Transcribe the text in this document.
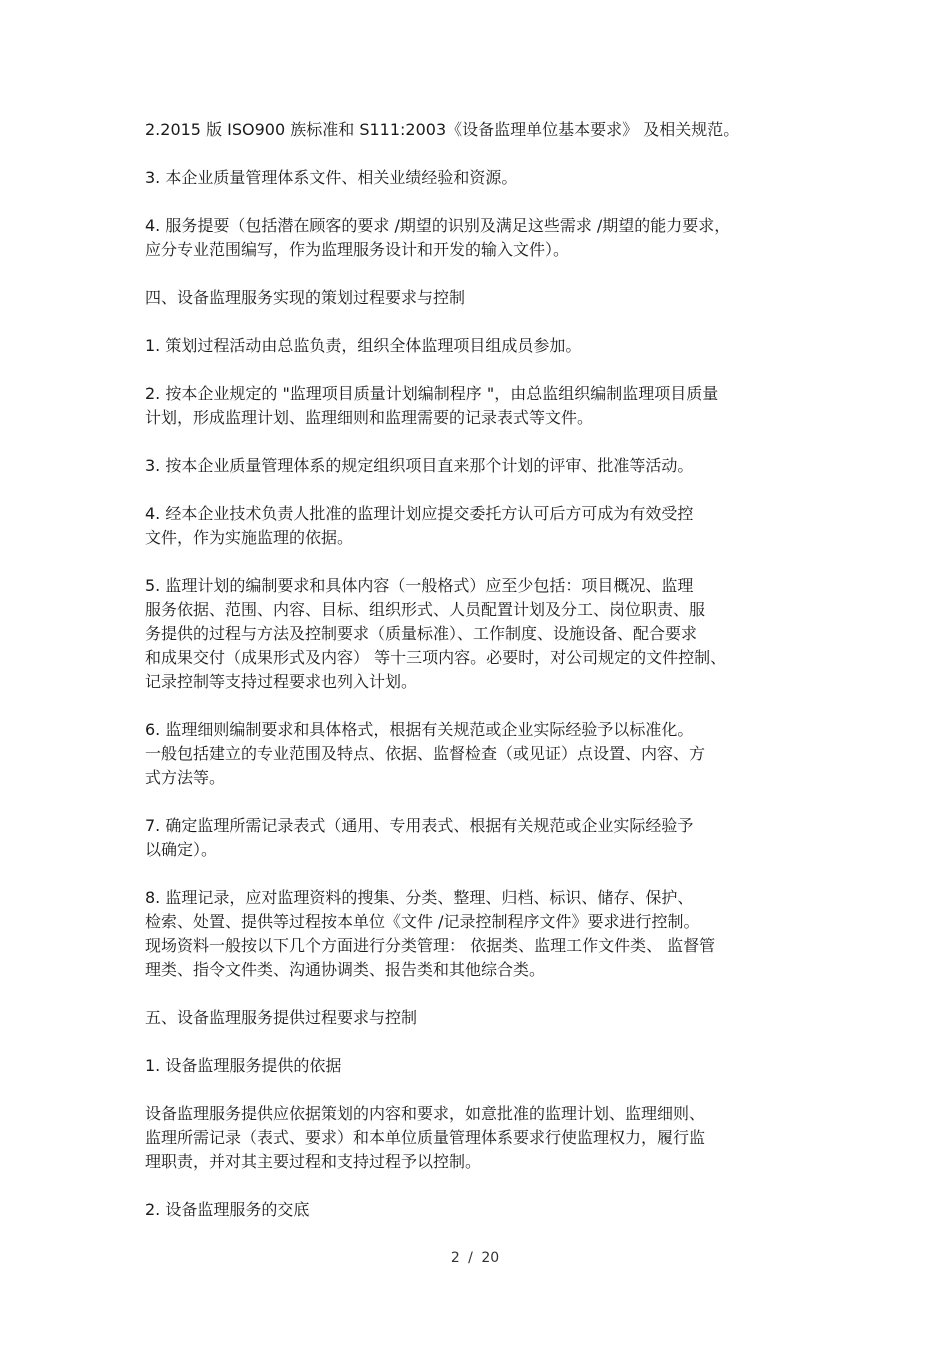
2.2015 版 ISO900 族标准和 S111:2003《设备监理单位基本要求》 及相关规范。
3. 本企业质量管理体系文件、相关业绩经验和资源。
4. 服务提要（包括潜在顾客的要求 /期望的识别及满足这些需求 /期望的能力要求，
应分专业范围编写，作为监理服务设计和开发的输入文件）。
四、设备监理服务实现的策划过程要求与控制
1. 策划过程活动由总监负责，组织全体监理项目组成员参加。
2. 按本企业规定的 "监理项目质量计划编制程序 "，由总监组织编制监理项目质量
计划，形成监理计划、监理细则和监理需要的记录表式等文件。
3. 按本企业质量管理体系的规定组织项目直来那个计划的评审、批准等活动。
4. 经本企业技术负责人批准的监理计划应提交委托方认可后方可成为有效受控
文件，作为实施监理的依据。
5. 监理计划的编制要求和具体内容（一般格式）应至少包括：项目概况、监理
服务依据、范围、内容、目标、组织形式、人员配置计划及分工、岗位职责、服
务提供的过程与方法及控制要求（质量标准）、工作制度、设施设备、配合要求
和成果交付（成果形式及内容） 等十三项内容。必要时，对公司规定的文件控制、
记录控制等支持过程要求也列入计划。
6. 监理细则编制要求和具体格式，根据有关规范或企业实际经验予以标准化。
一般包括建立的专业范围及特点、依据、监督检查（或见证）点设置、内容、方
式方法等。
7. 确定监理所需记录表式（通用、专用表式、根据有关规范或企业实际经验予
以确定）。
8. 监理记录，应对监理资料的搜集、分类、整理、归档、标识、储存、保护、
检索、处置、提供等过程按本单位《文件 /记录控制程序文件》要求进行控制。
现场资料一般按以下几个方面进行分类管理： 依据类、监理工作文件类、 监督管
理类、指令文件类、沟通协调类、报告类和其他综合类。
五、设备监理服务提供过程要求与控制
1. 设备监理服务提供的依据
设备监理服务提供应依据策划的内容和要求，如意批准的监理计划、监理细则、
监理所需记录（表式、要求）和本单位质量管理体系要求行使监理权力，履行监
理职责，并对其主要过程和支持过程予以控制。
2. 设备监理服务的交底
2 / 20
